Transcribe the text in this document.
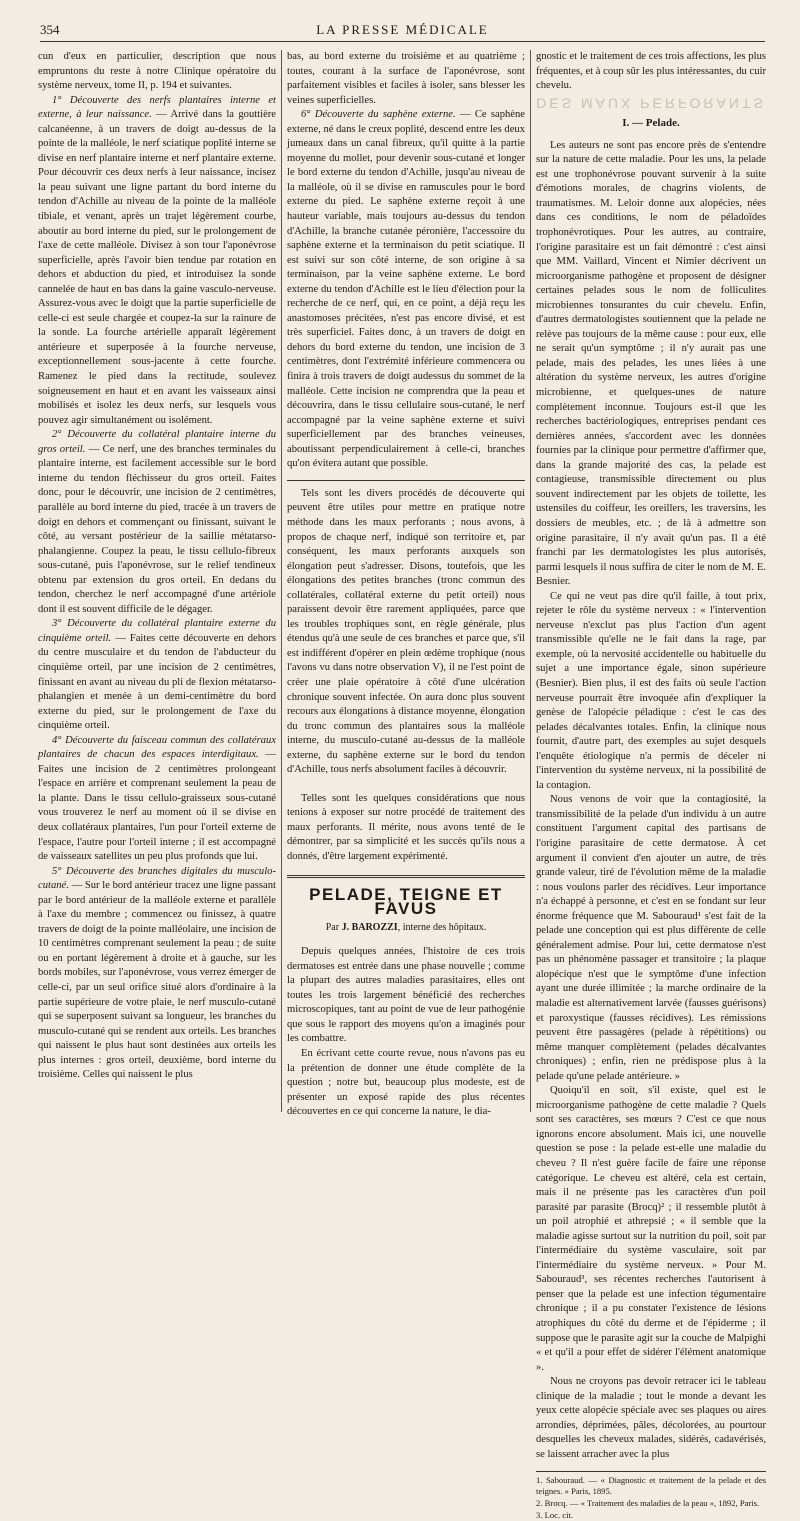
354	LA PRESSE MÉDICALE

cun d'eux en particulier, description que nous empruntons du reste à notre Clinique opératoire du système nerveux, tome II, p. 194 et suivantes.

1° Découverte des nerfs plantaires interne et externe, à leur naissance. — Arrivé dans la gouttière calcanéenne, à un travers de doigt au-dessus de la pointe de la malléole, le nerf sciatique poplité interne se divise en nerf plantaire interne et nerf plantaire externe. Pour découvrir ces deux nerfs à leur naissance, incisez la peau suivant une ligne partant du bord interne du tendon d'Achille au niveau de la pointe de la malléole tibiale, et venant, après un trajet légèrement courbe, aboutir au bord interne du pied, sur le prolongement de l'axe de cette malléole. Divisez à son tour l'aponévrose superficielle, après l'avoir bien tendue par rotation en dehors et abduction du pied, et introduisez la sonde cannelée de haut en bas dans la gaine vasculo-nerveuse. Assurez-vous avec le doigt que la partie superficielle de celle-ci est seule chargée et coupez-la sur la rainure de la sonde. La fourche artérielle apparaît légèrement antérieure et superposée à la fourche nerveuse, exceptionnellement sous-jacente à cette fourche. Ramenez le pied dans la rectitude, soulevez soigneusement en haut et en avant les vaisseaux ainsi mobilisés et isolez les deux nerfs, sur lesquels vous pouvez agir simultanément ou isolément.

2° Découverte du collatéral plantaire interne du gros orteil. — Ce nerf, une des branches terminales du plantaire interne, est facilement accessible sur le bord interne du tendon fléchisseur du gros orteil. Faites donc, pour le découvrir, une incision de 2 centimètres, parallèle au bord interne du pied, tracée à un travers de doigt en dehors et commençant ou finissant, suivant le côté, au versant postérieur de la saillie métatarso-phalangienne. Coupez la peau, le tissu cellulo-fibreux sous-cutané, puis l'aponévrose, sur le relief tendineux obtenu par extension du gros orteil. En dedans du tendon, cherchez le nerf accompagné d'une artériole dont il est souvent difficile de le dégager.

3° Découverte du collatéral plantaire externe du cinquième orteil. — Faites cette découverte en dehors du centre musculaire et du tendon de l'abducteur du cinquième orteil, par une incision de 2 centimètres, finissant en avant au niveau du pli de flexion métatarso-phalangien et menée à un demi-centimètre du bord externe du pied, sur le prolongement de l'axe du cinquième orteil.

4° Découverte du faisceau commun des collatéraux plantaires de chacun des espaces interdigitaux. — Faites une incision de 2 centimètres prolongeant l'espace en arrière et comprenant seulement la peau de la plante. Dans le tissu cellulo-graisseux sous-cutané vous trouverez le nerf au moment où il se divise en deux collatéraux plantaires, l'un pour l'orteil externe de l'espace, l'autre pour l'orteil interne ; il est accompagné de vaisseaux satellites un peu plus profonds que lui.

5° Découverte des branches digitales du musculo-cutané. — Sur le bord antérieur tracez une ligne passant par le bord antérieur de la malléole externe et parallèle à l'axe du membre ; commencez ou finissez, à quatre travers de doigt de la pointe malléolaire, une incision de 10 centimètres comprenant seulement la peau ; de suite ou en portant légèrement à droite et à gauche, sur les bords mobiles, sur l'aponévrose, vous verrez émerger de celle-ci, par un seul orifice situé alors d'ordinaire à la partie supérieure de votre plaie, le nerf musculo-cutané qui se superposent suivant sa longueur, les branches du musculo-cutané qui se rendent aux orteils. Les branches qui naissent le plus haut sont destinées aux orteils les plus internes : gros orteil, deuxième, bord interne du troisième. Celles qui naissent le plus

bas, au bord externe du troisième et au quatrième ; toutes, courant à la surface de l'aponévrose, sont parfaitement visibles et faciles à isoler, sans blesser les veines superficielles.

6° Découverte du saphène externe. — Ce saphène externe, né dans le creux poplité, descend entre les deux jumeaux dans un canal fibreux, qu'il quitte à la partie moyenne du mollet, pour devenir sous-cutané et longer le bord externe du tendon d'Achille, jusqu'au niveau de la malléole, où il se divise en ramuscules pour le bord externe du pied. Le saphène externe reçoit à une hauteur variable, mais toujours au-dessus du tendon d'Achille, la branche cutanée péronière, l'accessoire du saphène externe et la terminaison du petit sciatique. Il est suivi sur son côté interne, de son origine à sa terminaison, par la veine saphène externe. Le bord externe du tendon d'Achille est le lieu d'élection pour la recherche de ce nerf, qui, en ce point, a déjà reçu les anastomoses précitées, n'est pas encore divisé, et est très superficiel. Faites donc, à un travers de doigt en dehors du bord externe du tendon, une incision de 3 centimètres, dont l'extrémité inférieure commencera ou finira à trois travers de doigt audessus du sommet de la malléole. Cette incision ne comprendra que la peau et découvrira, dans le tissu cellulaire sous-cutané, le nerf accompagné par la veine saphène externe et suivi superficiellement par des branches veineuses, aboutissant perpendiculairement à celle-ci, branches qu'on évitera autant que possible.

Tels sont les divers procédés de découverte qui peuvent être utiles pour mettre en pratique notre méthode dans les maux perforants ; nous avons, à propos de chaque nerf, indiqué son territoire et, par conséquent, les maux perforants auxquels son élongation peut s'adresser. Disons, toutefois, que les élongations des petites branches (tronc commun des collatérales, collatéral externe du petit orteil) nous paraissent devoir être rarement appliquées, parce que les troubles trophiques sont, en règle générale, plus étendus qu'à une seule de ces branches et parce que, s'il est indifférent d'opérer en plein œdème trophique (nous l'avons vu dans notre observation V), il ne l'est point de créer une plaie opératoire à côté d'une ulcération chronique souvent infectée. On aura donc plus souvent recours aux élongations à distance moyenne, élongation du tronc commun des plantaires sous la malléole interne, du musculo-cutané au-dessus de la malléole externe, du saphène externe sur le bord du tendon d'Achille, tous nerfs absolument faciles à découvrir.

Telles sont les quelques considérations que nous tenions à exposer sur notre procédé de traitement des maux perforants. Il mérite, nous avons tenté de le démontrer, par sa simplicité et les succès qu'ils nous a donnés, d'être largement expérimenté.

PELADE, TEIGNE ET FAVUS

Par J. BAROZZI, interne des hôpitaux.

Depuis quelques années, l'histoire de ces trois dermatoses est entrée dans une phase nouvelle ; comme la plupart des autres maladies parasitaires, elles ont toutes les trois largement bénéficié des recherches microscopiques, tant au point de vue de leur pathogénie que sous le rapport des moyens qu'on a imaginés pour les combattre.

En écrivant cette courte revue, nous n'avons pas eu la prétention de donner une étude complète de la question ; notre but, beaucoup plus modeste, est de présenter un exposé rapide des plus récentes découvertes en ce qui concerne la nature, le dia-

gnostic et le traitement de ces trois affections, les plus fréquentes, et à coup sûr les plus intéressantes, du cuir chevelu.

DES MAUX PERFORANTS
I. — Pelade.

Les auteurs ne sont pas encore près de s'entendre sur la nature de cette maladie. Pour les uns, la pelade est une trophonévrose pouvant survenir à la suite d'émotions morales, de chagrins violents, de traumatismes. M. Leloir donne aux alopécies, nées dans ces conditions, le nom de péladoïdes trophonévrotiques. Pour les autres, au contraire, l'origine parasitaire est un fait démontré : c'est ainsi que MM. Vaillard, Vincent et Nimier décrivent un microorganisme pathogène et proposent de désigner certaines pelades sous le nom de folliculites microbiennes tonsurantes du cuir chevelu. Enfin, d'autres dermatologistes soutiennent que la pelade ne relève pas toujours de la même cause : pour eux, elle ne serait qu'un symptôme ; il n'y aurait pas une pelade, mais des pelades, les unes liées à une altération du système nerveux, les autres d'origine microbienne, et quelques-unes de nature complètement inconnue. Toujours est-il que les recherches bactériologiques, entreprises pendant ces dernières années, s'accordent avec les données fournies par la clinique pour permettre d'affirmer que, dans la grande majorité des cas, la pelade est contagieuse, transmissible directement ou plus souvent indirectement par les objets de toilette, les ustensiles du coiffeur, les oreillers, les traversins, les dossiers de meubles, etc. ; de là à admettre son origine parasitaire, il n'y avait qu'un pas. Il a été franchi par les dermatologistes les plus autorisés, parmi lesquels il nous suffira de citer le nom de M. E. Besnier.

Ce qui ne veut pas dire qu'il faille, à tout prix, rejeter le rôle du système nerveux : « l'intervention nerveuse n'exclut pas plus l'action d'un agent transmissible qu'elle ne le fait dans la rage, par exemple, où la nervosité accidentelle ou habituelle du sujet a une importance égale, sinon supérieure (Besnier). Bien plus, il est des faits où seule l'action nerveuse pourrait être invoquée afin d'expliquer la genèse de l'alopécie péladique : c'est le cas des pelades décalvantes totales. Enfin, la clinique nous fournit, d'autre part, des exemples au sujet desquels l'enquête étiologique n'a permis de déceler ni l'intervention du système nerveux, ni la possibilité de la contagion.

Nous venons de voir que la contagiosité, la transmissibilité de la pelade d'un individu à un autre constituent l'argument capital des partisans de l'origine parasitaire de cette dermatose. À cet argument il convient d'en ajouter un autre, de très grande valeur, tiré de l'évolution même de la maladie : nous voulons parler des récidives. Leur importance n'a échappé à personne, et c'est en se fondant sur leur énorme fréquence que M. Sabouraud¹ s'est fait de la pelade une conception qui est plus différente de celle généralement admise. Pour lui, cette dermatose n'est pas un phénomène passager et transitoire ; la plaque alopécique n'est que le symptôme d'une infection ayant une durée illimitée ; la marche ordinaire de la maladie est alternativement larvée (fausses guérisons) et paroxystique (fausses récidives). Les rémissions peuvent être passagères (pelade à répétitions) ou même manquer complètement (pelades décalvantes chroniques) ; enfin, rien ne prédispose plus à la pelade qu'une pelade antérieure. »

Quoiqu'il en soit, s'il existe, quel est le microorganisme pathogène de cette maladie ? Quels sont ses caractères, ses mœurs ? C'est ce que nous ignorons encore absolument. Mais ici, une nouvelle question se pose : la pelade est-elle une maladie du cheveu ? Il n'est guère facile de faire une réponse catégorique. Le cheveu est altéré, cela est certain, mais il ne présente pas les caractères d'un poil parasité par parasite (Brocq)² ; il ressemble plutôt à un poil atrophié et athrepsié ; « il semble que la maladie agisse surtout sur la nutrition du poil, soit par l'intermédiaire du système vasculaire, soit par l'intermédiaire du système nerveux. » Pour M. Sabouraud³, ses récentes recherches l'autorisent à penser que la pelade est une infection tégumentaire chronique ; il a pu constater l'existence de lésions atrophiques du côté du derme et de l'épiderme ; il suppose que le parasite agit sur la couche de Malpighi « et qu'il a pour effet de sidérer l'élément anatomique ».

Nous ne croyons pas devoir retracer ici le tableau clinique de la maladie ; tout le monde a devant les yeux cette alopécie spéciale avec ses plaques ou aires arrondies, déprimées, pâles, décolorées, au pourtour desquelles les cheveux malades, sidérés, cadavérisés, se laissent arracher avec la plus

1. Sabouraud. — « Diagnostic et traitement de la pelade et des teignes. » Paris, 1895.
2. Brocq. — « Traitement des maladies de la peau », 1892, Paris.
3. Loc. cit.
